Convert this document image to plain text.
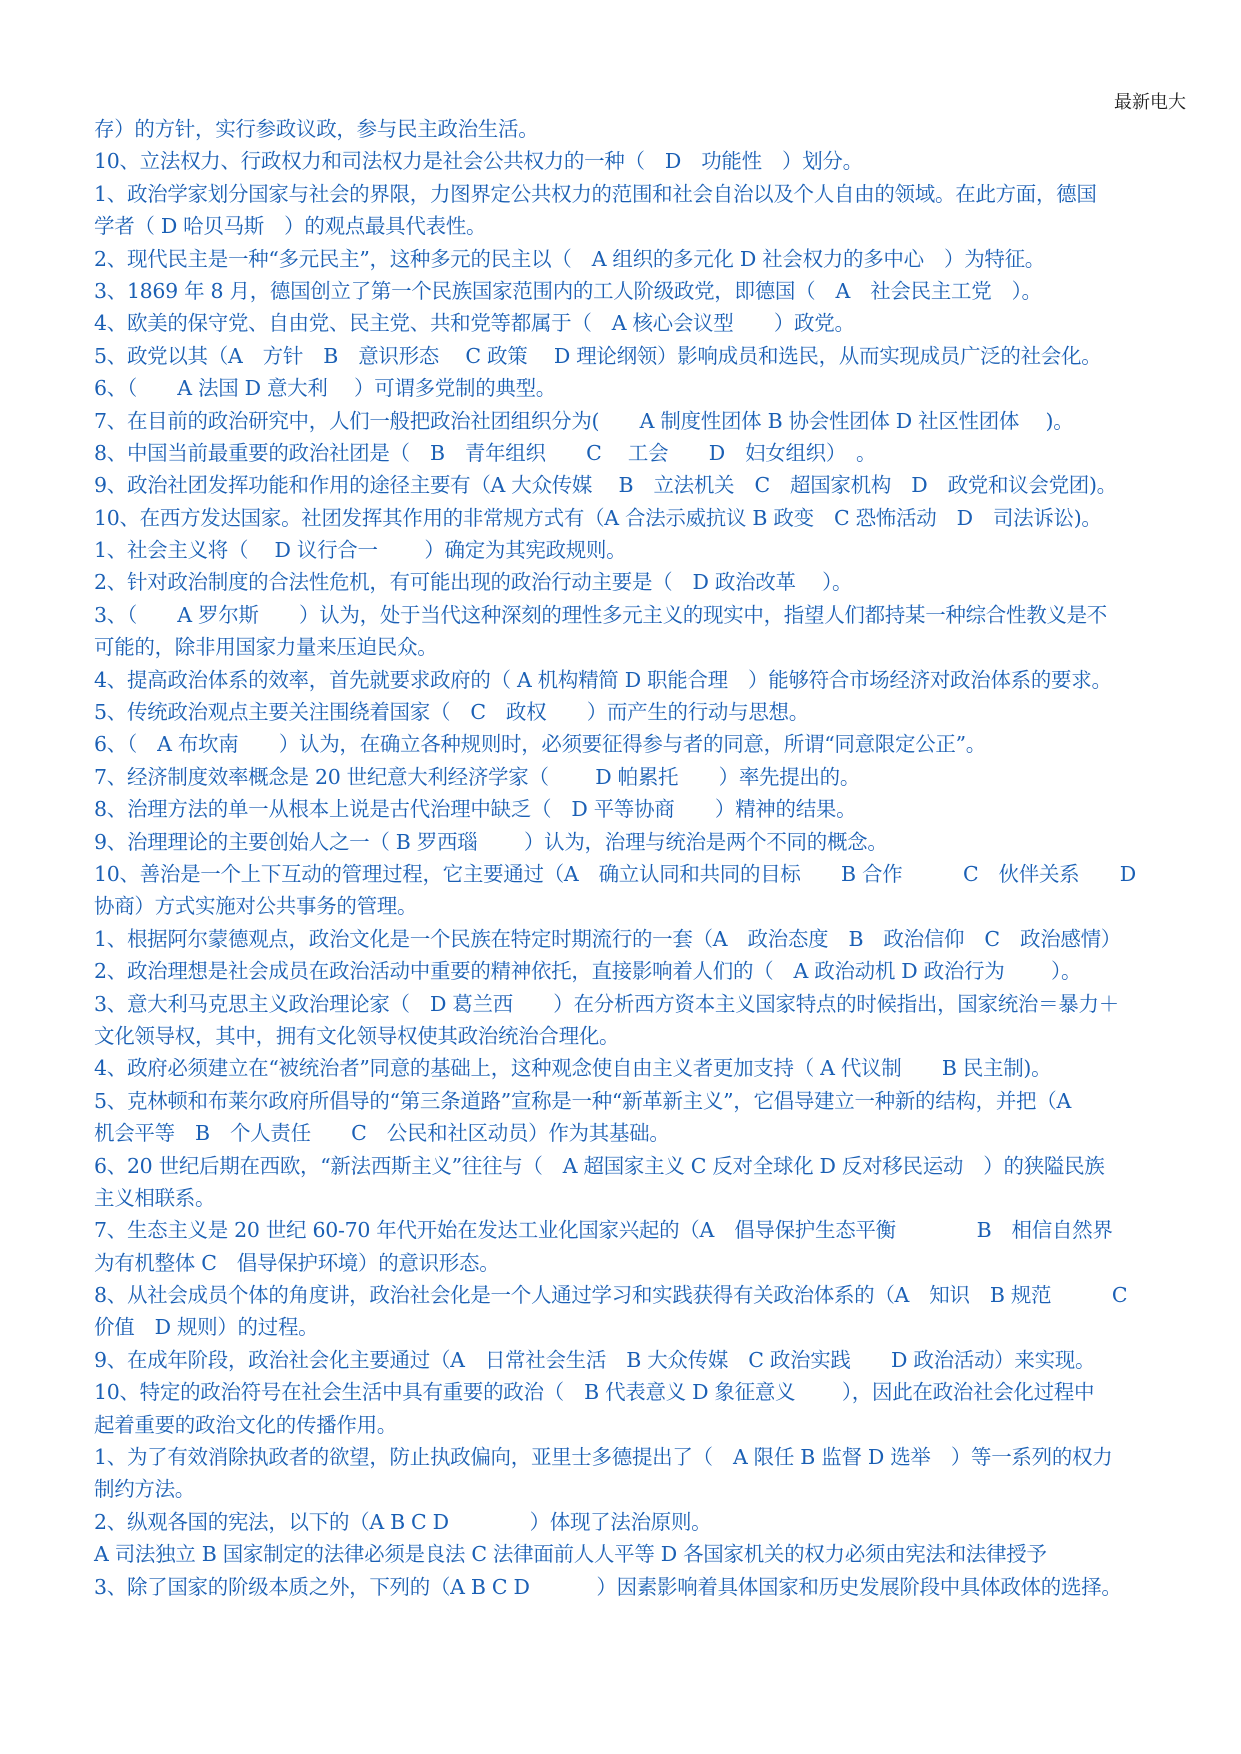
最新电大
存）的方针，实行参政议政，参与民主政治生活。
10、立法权力、行政权力和司法权力是社会公共权力的一种（　D　功能性　）划分。
1、政治学家划分国家与社会的界限，力图界定公共权力的范围和社会自治以及个人自由的领域。在此方面，德国
学者（ D 哈贝马斯　）的观点最具代表性。
2、现代民主是一种“多元民主”，这种多元的民主以（　A 组织的多元化 D 社会权力的多中心　）为特征。
3、1869 年 8 月，德国创立了第一个民族国家范围内的工人阶级政党，即德国（　A　社会民主工党　）。
4、欧美的保守党、自由党、民主党、共和党等都属于（　A 核心会议型　　）政党。
5、政党以其（A　方针　B　意识形态　 C 政策　 D 理论纲领）影响成员和选民，从而实现成员广泛的社会化。
6、（　　A 法国 D 意大利　 ）可谓多党制的典型。
7、在目前的政治研究中，人们一般把政治社团组织分为(　　A 制度性团体 B 协会性团体 D 社区性团体　 )。
8、中国当前最重要的政治社团是（　B　青年组织　　C　 工会　　D　妇女组织）　。
9、政治社团发挥功能和作用的途径主要有（A 大众传媒　 B　立法机关　C　超国家机构　D　政党和议会党团)。
10、在西方发达国家。社团发挥其作用的非常规方式有（A 合法示威抗议 B 政变　C 恐怖活动　D　司法诉讼)。
1、社会主义将（　 D 议行合一　　 ）确定为其宪政规则。
2、针对政治制度的合法性危机，有可能出现的政治行动主要是（　D 政治改革　 ）。
3、（　　A 罗尔斯　　）认为，处于当代这种深刻的理性多元主义的现实中，指望人们都持某一种综合性教义是不
可能的，除非用国家力量来压迫民众。
4、提高政治体系的效率，首先就要求政府的（ A 机构精简 D 职能合理　）能够符合市场经济对政治体系的要求。
5、传统政治观点主要关注围绕着国家（　C　政权　　）而产生的行动与思想。
6、（　A 布坎南　　）认为，在确立各种规则时，必须要征得参与者的同意，所谓“同意限定公正”。
7、经济制度效率概念是 20 世纪意大利经济学家（　　 D 帕累托　　）率先提出的。
8、治理方法的单一从根本上说是古代治理中缺乏（　D 平等协商　　）精神的结果。
9、治理理论的主要创始人之一（ B 罗西瑙　　 ）认为，治理与统治是两个不同的概念。
10、善治是一个上下互动的管理过程，它主要通过（A　确立认同和共同的目标　　B 合作　　　C　伙伴关系　　D
协商）方式实施对公共事务的管理。
1、根据阿尔蒙德观点，政治文化是一个民族在特定时期流行的一套（A　政治态度　B　政治信仰　C　政治感情）
2、政治理想是社会成员在政治活动中重要的精神依托，直接影响着人们的（　A 政治动机 D 政治行为　　 ）。
3、意大利马克思主义政治理论家（　D 葛兰西　　）在分析西方资本主义国家特点的时候指出，国家统治＝暴力＋
文化领导权，其中，拥有文化领导权使其政治统治合理化。
4、政府必须建立在“被统治者”同意的基础上，这种观念使自由主义者更加支持（ A 代议制　　B 民主制)。
5、克林顿和布莱尔政府所倡导的“第三条道路”宣称是一种“新革新主义”，它倡导建立一种新的结构，并把（A
机会平等　B　个人责任　　C　公民和社区动员）作为其基础。
6、20 世纪后期在西欧，“新法西斯主义”往往与（　A 超国家主义 C 反对全球化 D 反对移民运动　）的狭隘民族
主义相联系。
7、生态主义是 20 世纪 60-70 年代开始在发达工业化国家兴起的（A　倡导保护生态平衡　　　　B　相信自然界
为有机整体 C　倡导保护环境）的意识形态。
8、从社会成员个体的角度讲，政治社会化是一个人通过学习和实践获得有关政治体系的（A　知识　B 规范　　　C
价值　D 规则）的过程。
9、在成年阶段，政治社会化主要通过（A　日常社会生活　B 大众传媒　C 政治实践　　D 政治活动）来实现。
10、特定的政治符号在社会生活中具有重要的政治（　B 代表意义 D 象征意义　　 ），因此在政治社会化过程中
起着重要的政治文化的传播作用。
1、为了有效消除执政者的欲望，防止执政偏向，亚里士多德提出了（　A 限任 B 监督 D 选举　）等一系列的权力
制约方法。
2、纵观各国的宪法，以下的（A B C D　　　　）体现了法治原则。
A 司法独立 B 国家制定的法律必须是良法 C 法律面前人人平等 D 各国家机关的权力必须由宪法和法律授予
3、除了国家的阶级本质之外，下列的（A B C D　　　 ）因素影响着具体国家和历史发展阶段中具体政体的选择。
